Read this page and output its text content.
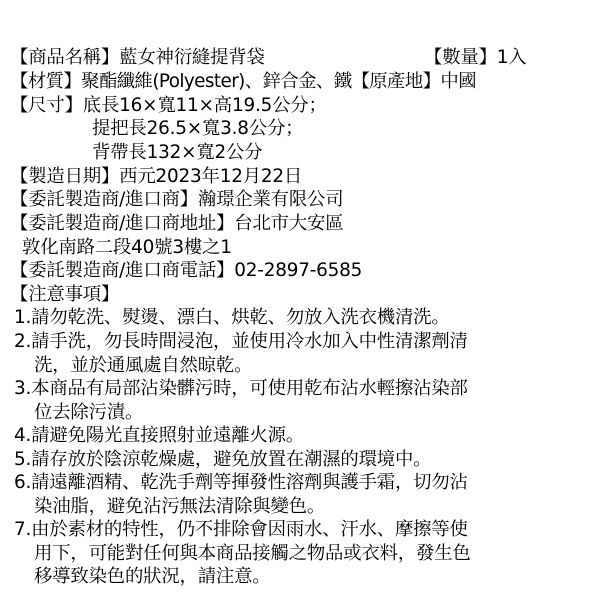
【商品名稱】藍女神衍縫提背袋	【數量】1入
【材質】聚酯纖維(Polyester)、鋅合金、鐵【原產地】中國
【尺寸】底長16×寬11×高19.5公分；
提把長26.5×寬3.8公分；
背帶長132×寬2公分
【製造日期】西元2023年12月22日
【委託製造商/進口商】瀚璟企業有限公司
【委託製造商/進口商地址】台北市大安區
敦化南路二段40號3樓之1
【委託製造商/進口商電話】02-2897-6585
【注意事項】
1.請勿乾洗、熨燙、漂白、烘乾、勿放入洗衣機清洗。
2.請手洗，勿長時間浸泡，並使用冷水加入中性清潔劑清
洗，並於通風處自然晾乾。
3.本商品有局部沾染髒污時，可使用乾布沾水輕擦沾染部
位去除污漬。
4.請避免陽光直接照射並遠離火源。
5.請存放於陰涼乾燥處，避免放置在潮濕的環境中。
6.請遠離酒精、乾洗手劑等揮發性溶劑與護手霜，切勿沾
染油脂，避免沾污無法清除與變色。
7.由於素材的特性，仍不排除會因雨水、汗水、摩擦等使
用下，可能對任何與本商品接觸之物品或衣料，發生色
移導致染色的狀況，請注意。
